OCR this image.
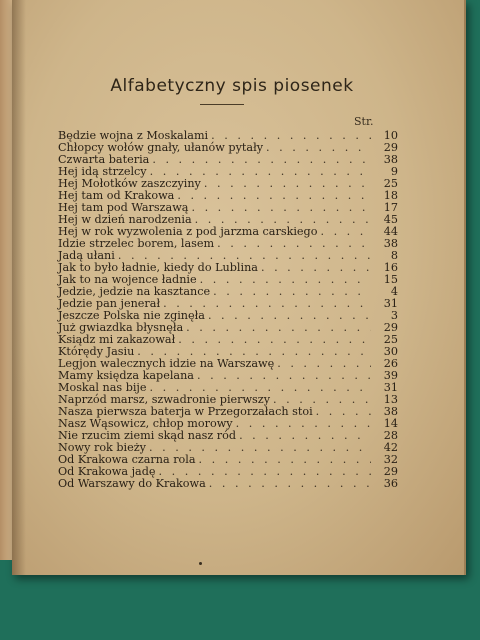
Alfabetyczny spis piosenek
Str.
Będzie wojna z Moskalami . . .	10
Chłopcy wołów gnały, ułanów pytały . . .	29
Czwarta bateria . . .	38
Hej idą strzelcy . . .	9
Hej Mołotków zaszczyiny . . .	25
Hej tam od Krakowa . . .	18
Hej tam pod Warszawą . . .	17
Hej w dzień narodzenia . . .	45
Hej w rok wyzwolenia z pod jarzma carskiego . . .	44
Idzie strzelec borem, lasem . . .	38
Jadą ułani . . .	8
Jak to było ładnie, kiedy do Lublina . . .	16
Jak to na wojence ładnie . . .	15
Jedzie, jedzie na kasztance . . .	4
Jedzie pan jenerał . . .	31
Jeszcze Polska nie zginęła . . .	3
Już gwiazdka błysnęła . . .	29
Ksiądz mi zakazował . . .	25
Którędy Jasiu . . .	30
Legjon walecznych idzie na Warszawę . . .	26
Mamy księdza kapelana . . .	39
Moskal nas bije . . .	31
Naprzód marsz, szwadronie pierwszy . . .	13
Nasza pierwsza baterja w Przegorzałach stoi . . .	38
Nasz Wąsowicz, chłop morowy . . .	14
Nie rzucim ziemi skąd nasz ród . . .	28
Nowy rok bieży . . .	42
Od Krakowa czarna rola . . .	32
Od Krakowa jadę . . .	29
Od Warszawy do Krakowa . . .	36
